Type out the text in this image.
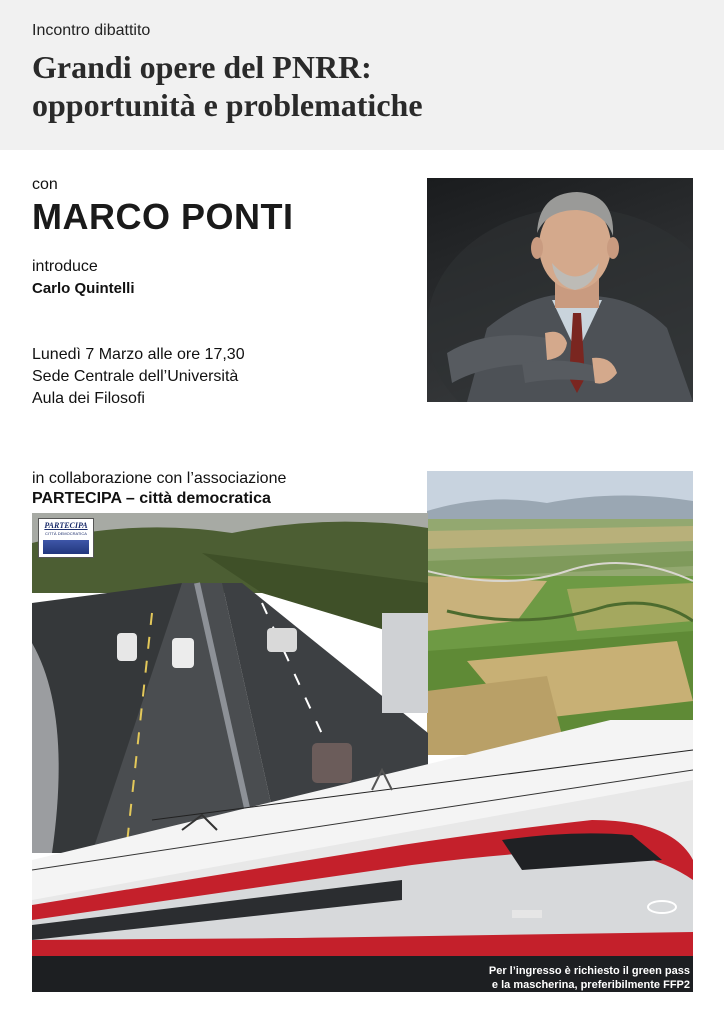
Incontro dibattito
Grandi opere del PNRR:
opportunità e problematiche
con
MARCO PONTI
introduce
Carlo Quintelli
Lunedì 7 Marzo alle ore 17,30
Sede Centrale dell’Università
Aula dei Filosofi
in collaborazione con l’associazione
PARTECIPA – città democratica
PARTECIPA
CITTÀ DEMOCRATICA
Per l’ingresso è richiesto il green pass
e la mascherina, preferibilmente FFP2
